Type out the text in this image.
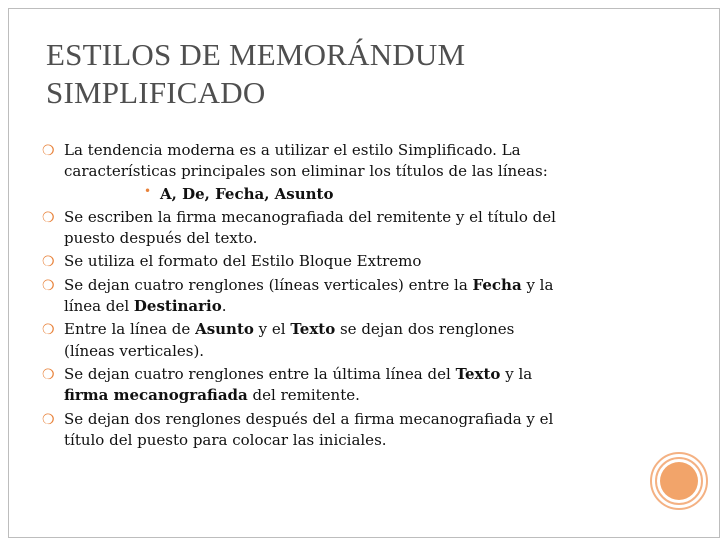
ESTILOS DE MEMORÁNDUM
SIMPLIFICADO
❍ La tendencia moderna es a utilizar el estilo Simplificado. La
características principales son eliminar los títulos de las líneas:
• A, De, Fecha, Asunto
❍ Se escriben la firma mecanografiada del remitente y el título del
puesto después del texto.
❍ Se utiliza el formato del Estilo Bloque Extremo
❍ Se dejan cuatro renglones (líneas verticales) entre la Fecha y la
línea del Destinario.
❍ Entre la línea de Asunto y el Texto se dejan dos renglones
(líneas verticales).
❍ Se dejan cuatro renglones entre la última línea del Texto y la
firma mecanografiada del remitente.
❍ Se dejan dos renglones después del a firma mecanografiada y el
título del puesto para colocar las iniciales.
